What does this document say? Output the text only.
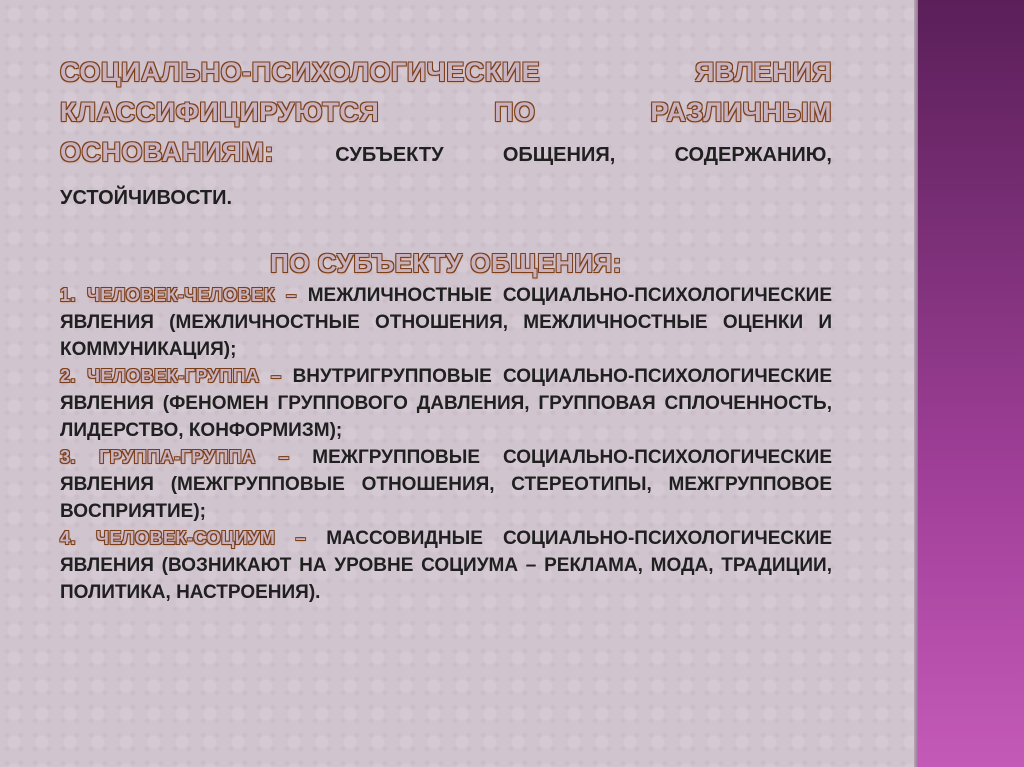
СОЦИАЛЬНО-ПСИХОЛОГИЧЕСКИЕ ЯВЛЕНИЯ КЛАССИФИЦИРУЮТСЯ ПО РАЗЛИЧНЫМ ОСНОВАНИЯМ:	СУБЪЕКТУ ОБЩЕНИЯ, СОДЕРЖАНИЮ, УСТОЙЧИВОСТИ.

ПО СУБЪЕКТУ ОБЩЕНИЯ:

1. ЧЕЛОВЕК-ЧЕЛОВЕК – МЕЖЛИЧНОСТНЫЕ СОЦИАЛЬНО-ПСИХОЛОГИЧЕСКИЕ ЯВЛЕНИЯ (МЕЖЛИЧНОСТНЫЕ ОТНОШЕНИЯ, МЕЖЛИЧНОСТНЫЕ ОЦЕНКИ И КОММУНИКАЦИЯ);

2. ЧЕЛОВЕК-ГРУППА – ВНУТРИГРУППОВЫЕ СОЦИАЛЬНО-ПСИХОЛОГИЧЕСКИЕ ЯВЛЕНИЯ (ФЕНОМЕН ГРУППОВОГО ДАВЛЕНИЯ, ГРУППОВАЯ СПЛОЧЕННОСТЬ, ЛИДЕРСТВО, КОНФОРМИЗМ);

3. ГРУППА-ГРУППА – МЕЖГРУППОВЫЕ СОЦИАЛЬНО-ПСИХОЛОГИЧЕСКИЕ ЯВЛЕНИЯ (МЕЖГРУППОВЫЕ ОТНОШЕНИЯ, СТЕРЕОТИПЫ, МЕЖГРУППОВОЕ ВОСПРИЯТИЕ);

4. ЧЕЛОВЕК-СОЦИУМ – МАССОВИДНЫЕ СОЦИАЛЬНО-ПСИХОЛОГИЧЕСКИЕ ЯВЛЕНИЯ (ВОЗНИКАЮТ НА УРОВНЕ СОЦИУМА – РЕКЛАМА, МОДА, ТРАДИЦИИ, ПОЛИТИКА, НАСТРОЕНИЯ).
